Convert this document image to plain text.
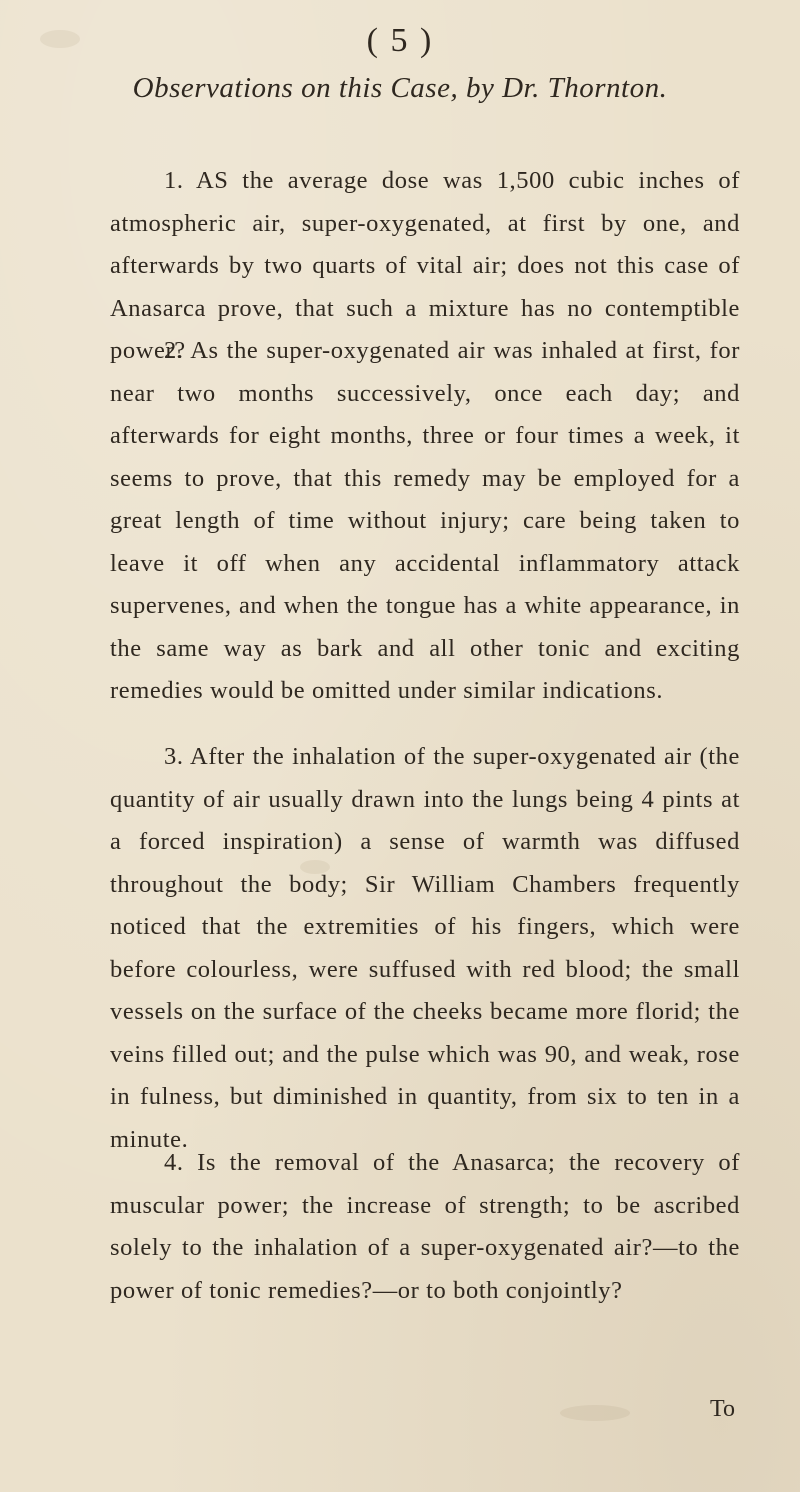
( 5 )
Observations on this Case, by Dr. Thornton.

1. AS the average dose was 1,500 cubic inches of atmospheric air, super-oxygenated, at first by one, and afterwards by two quarts of vital air; does not this case of Anasarca prove, that such a mixture has no contemptible power?

2. As the super-oxygenated air was inhaled at first, for near two months successively, once each day; and afterwards for eight months, three or four times a week, it seems to prove, that this remedy may be employed for a great length of time without injury; care being taken to leave it off when any accidental inflammatory attack supervenes, and when the tongue has a white appearance, in the same way as bark and all other tonic and exciting remedies would be omitted under similar indications.

3. After the inhalation of the super-oxygenated air (the quantity of air usually drawn into the lungs being 4 pints at a forced inspiration) a sense of warmth was diffused throughout the body; Sir William Chambers frequently noticed that the extremities of his fingers, which were before colourless, were suffused with red blood; the small vessels on the surface of the cheeks became more florid; the veins filled out; and the pulse which was 90, and weak, rose in fulness, but diminished in quantity, from six to ten in a minute.

4. Is the removal of the Anasarca; the recovery of muscular power; the increase of strength; to be ascribed solely to the inhalation of a super-oxygenated air?—to the power of tonic remedies?—or to both conjointly?

To
